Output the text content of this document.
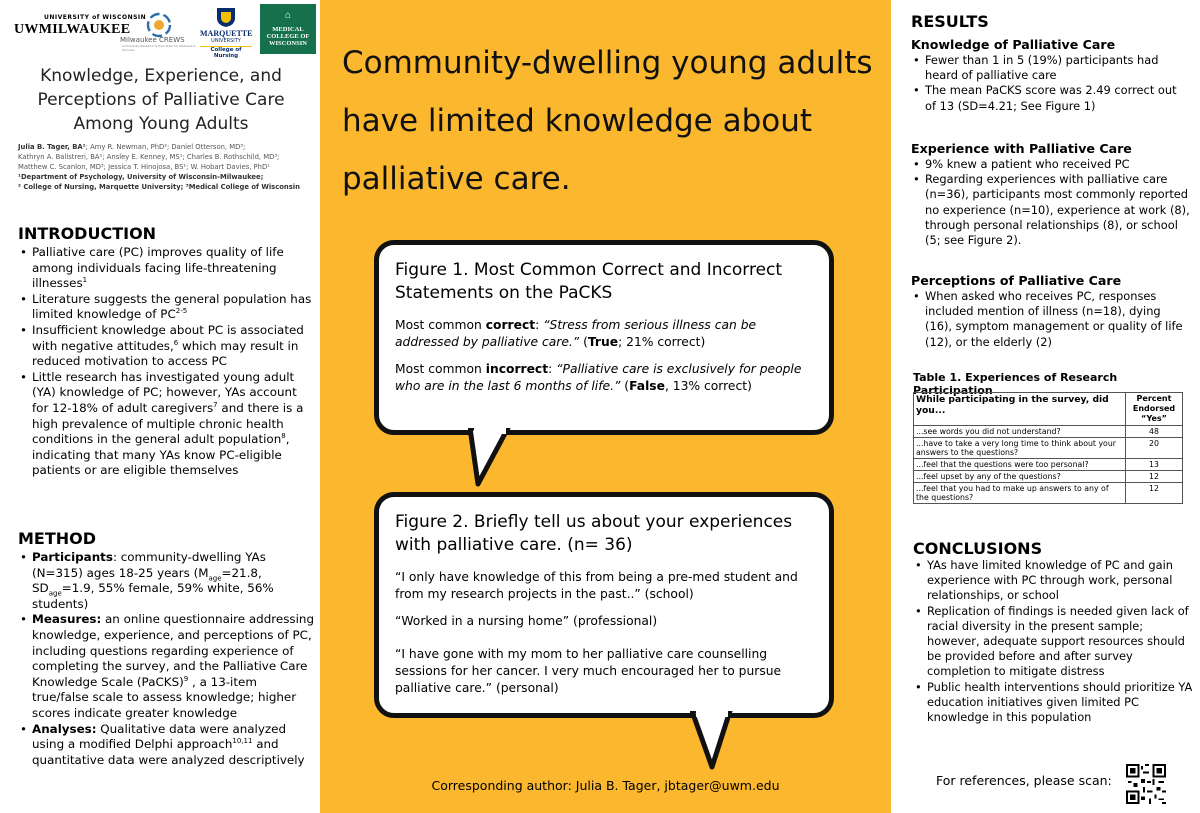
UNIVERSITY of WISCONSIN
UWMILWAUKEE
Milwaukee CREWS
Community Research & Education for Wellness & Services
MARQUETTE
UNIVERSITY
College of Nursing
⌂
MEDICAL
COLLEGE OF
WISCONSIN
Knowledge, Experience, and Perceptions of Palliative Care Among Young Adults
Julia B. Tager, BA¹; Amy R. Newman, PhD²; Daniel Otterson, MD³;
Kathryn A. Balistreri, BA¹; Ansley E. Kenney, MS¹; Charles B. Rothschild, MD³;
Matthew C. Scanlon, MD³; Jessica T. Hinojosa, BS¹; W. Hobart Davies, PhD¹
¹Department of Psychology, University of Wisconsin-Milwaukee;
² College of Nursing, Marquette University; ³Medical College of Wisconsin
INTRODUCTION
• Palliative care (PC) improves quality of life among individuals facing life-threatening illnesses$^1$
• Literature suggests the general population has limited knowledge of PC$^{2-5}$
• Insufficient knowledge about PC is associated with negative attitudes,$^6$ which may result in reduced motivation to access PC
• Little research has investigated young adult (YA) knowledge of PC; however, YAs account for 12-18% of adult caregivers$^7$ and there is a high prevalence of multiple chronic health conditions in the general adult population$^8$, indicating that many YAs know PC-eligible patients or are eligible themselves
METHOD
• Participants: community-dwelling YAs (N=315) ages 18-25 years ($M_{age}=21.8$, $SD_{age}=1.9$, 55% female, 59% white, 56% students)
• Measures: an online questionnaire addressing knowledge, experience, and perceptions of PC, including questions regarding experience of completing the survey, and the Palliative Care Knowledge Scale (PaCKS)$^9$ , a 13-item true/false scale to assess knowledge; higher scores indicate greater knowledge
• Analyses: Qualitative data were analyzed using a modified Delphi approach$^{10,11}$ and quantitative data were analyzed descriptively
Community-dwelling young adults have limited knowledge about palliative care.
Figure 1. Most Common Correct and Incorrect Statements on the PaCKS

Most common correct: “Stress from serious illness can be addressed by palliative care.” (True; 21% correct)

Most common incorrect: “Palliative care is exclusively for people who are in the last 6 months of life.” (False, 13% correct)

Figure 2. Briefly tell us about your experiences with palliative care. (n= 36)

“I only have knowledge of this from being a pre-med student and from my research projects in the past..” (school)

“Worked in a nursing home” (professional)

“I have gone with my mom to her palliative care counselling sessions for her cancer. I very much encouraged her to pursue palliative care.” (personal)

Corresponding author: Julia B. Tager, jbtager@uwm.edu
RESULTS
Knowledge of Palliative Care
• Fewer than 1 in 5 (19%) participants had heard of palliative care
• The mean PaCKS score was 2.49 correct out of 13 (SD=4.21; See Figure 1)
Experience with Palliative Care
• 9% knew a patient who received PC
• Regarding experiences with palliative care (n=36), participants most commonly reported no experience (n=10), experience at work (8), through personal relationships (8), or school (5; see Figure 2).
Perceptions of Palliative Care
• When asked who receives PC, responses included mention of illness (n=18), dying (16), symptom management or quality of life (12), or the elderly (2)
Table 1. Experiences of Research Participation
While participating in the survey, did you...	Percent Endorsed “Yes”
...see words you did not understand?	48
...have to take a very long time to think about your answers to the questions?	20
...feel that the questions were too personal?	13
...feel upset by any of the questions?	12
...feel that you had to make up answers to any of the questions?	12
CONCLUSIONS
• YAs have limited knowledge of PC and gain experience with PC through work, personal relationships, or school
• Replication of findings is needed given lack of racial diversity in the present sample; however, adequate support resources should be provided before and after survey completion to mitigate distress
• Public health interventions should prioritize YA education initiatives given limited PC knowledge in this population
For references, please scan:
